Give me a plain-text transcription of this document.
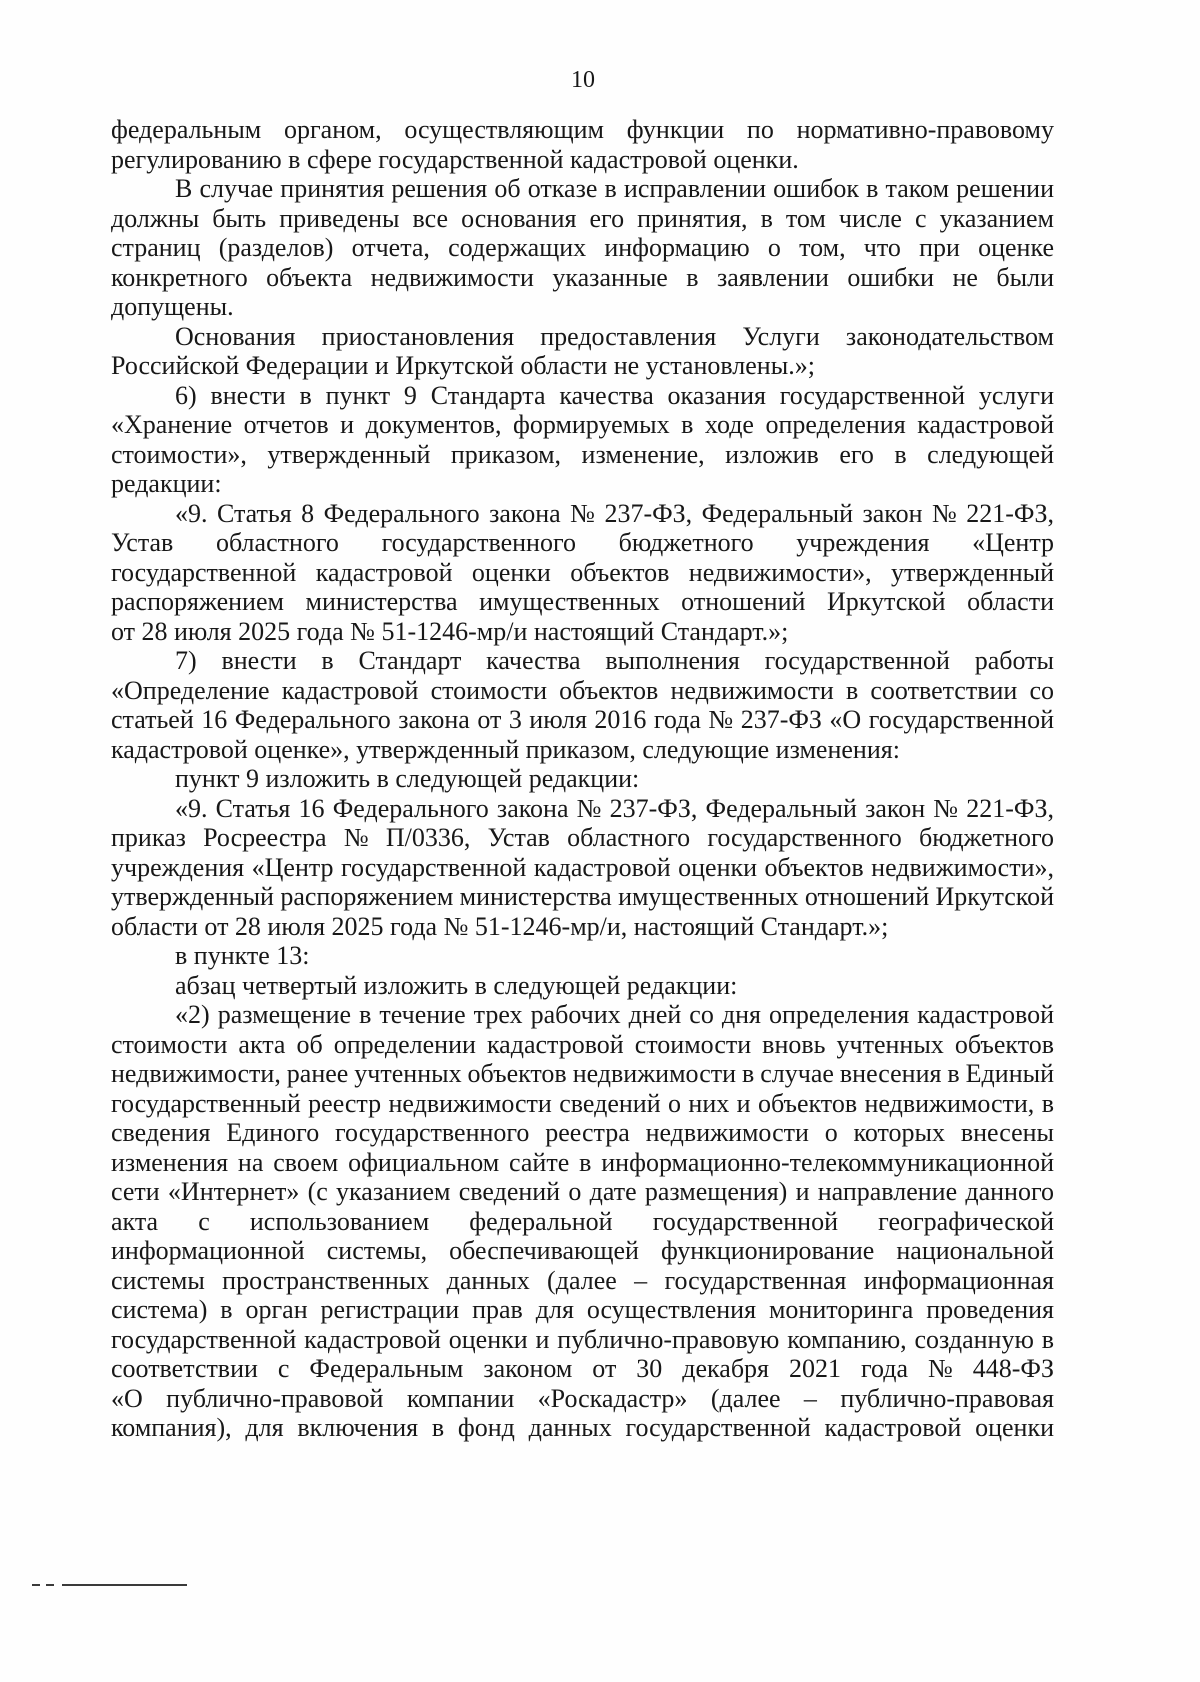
10
федеральным органом, осуществляющим функции по нормативно-правовому
регулированию в сфере государственной кадастровой оценки.
В случае принятия решения об отказе в исправлении ошибок в таком решении
должны быть приведены все основания его принятия, в том числе с указанием
страниц (разделов) отчета, содержащих информацию о том, что при оценке
конкретного объекта недвижимости указанные в заявлении ошибки не были
допущены.
Основания приостановления предоставления Услуги законодательством
Российской Федерации и Иркутской области не установлены.»;
6) внести в пункт 9 Стандарта качества оказания государственной услуги
«Хранение отчетов и документов, формируемых в ходе определения кадастровой
стоимости», утвержденный приказом, изменение, изложив его в следующей
редакции:
«9. Статья 8 Федерального закона № 237-ФЗ, Федеральный закон № 221-ФЗ,
Устав областного государственного бюджетного учреждения «Центр
государственной кадастровой оценки объектов недвижимости», утвержденный
распоряжением министерства имущественных отношений Иркутской области
от 28 июля 2025 года № 51-1246-мр/и настоящий Стандарт.»;
7) внести в Стандарт качества выполнения государственной работы
«Определение кадастровой стоимости объектов недвижимости в соответствии со
статьей 16 Федерального закона от 3 июля 2016 года № 237-ФЗ «О государственной
кадастровой оценке», утвержденный приказом, следующие изменения:
пункт 9 изложить в следующей редакции:
«9. Статья 16 Федерального закона № 237-ФЗ, Федеральный закон № 221-ФЗ,
приказ Росреестра № П/0336, Устав областного государственного бюджетного
учреждения «Центр государственной кадастровой оценки объектов недвижимости»,
утвержденный распоряжением министерства имущественных отношений Иркутской
области от 28 июля 2025 года № 51-1246-мр/и, настоящий Стандарт.»;
в пункте 13:
абзац четвертый изложить в следующей редакции:
«2) размещение в течение трех рабочих дней со дня определения кадастровой
стоимости акта об определении кадастровой стоимости вновь учтенных объектов
недвижимости, ранее учтенных объектов недвижимости в случае внесения в Единый
государственный реестр недвижимости сведений о них и объектов недвижимости, в
сведения Единого государственного реестра недвижимости о которых внесены
изменения на своем официальном сайте в информационно-телекоммуникационной
сети «Интернет» (с указанием сведений о дате размещения) и направление данного
акта с использованием федеральной государственной географической
информационной системы, обеспечивающей функционирование национальной
системы пространственных данных (далее – государственная информационная
система) в орган регистрации прав для осуществления мониторинга проведения
государственной кадастровой оценки и публично-правовую компанию, созданную в
соответствии с Федеральным законом от 30 декабря 2021 года № 448-ФЗ
«О публично-правовой компании «Роскадастр» (далее – публично-правовая
компания), для включения в фонд данных государственной кадастровой оценки
